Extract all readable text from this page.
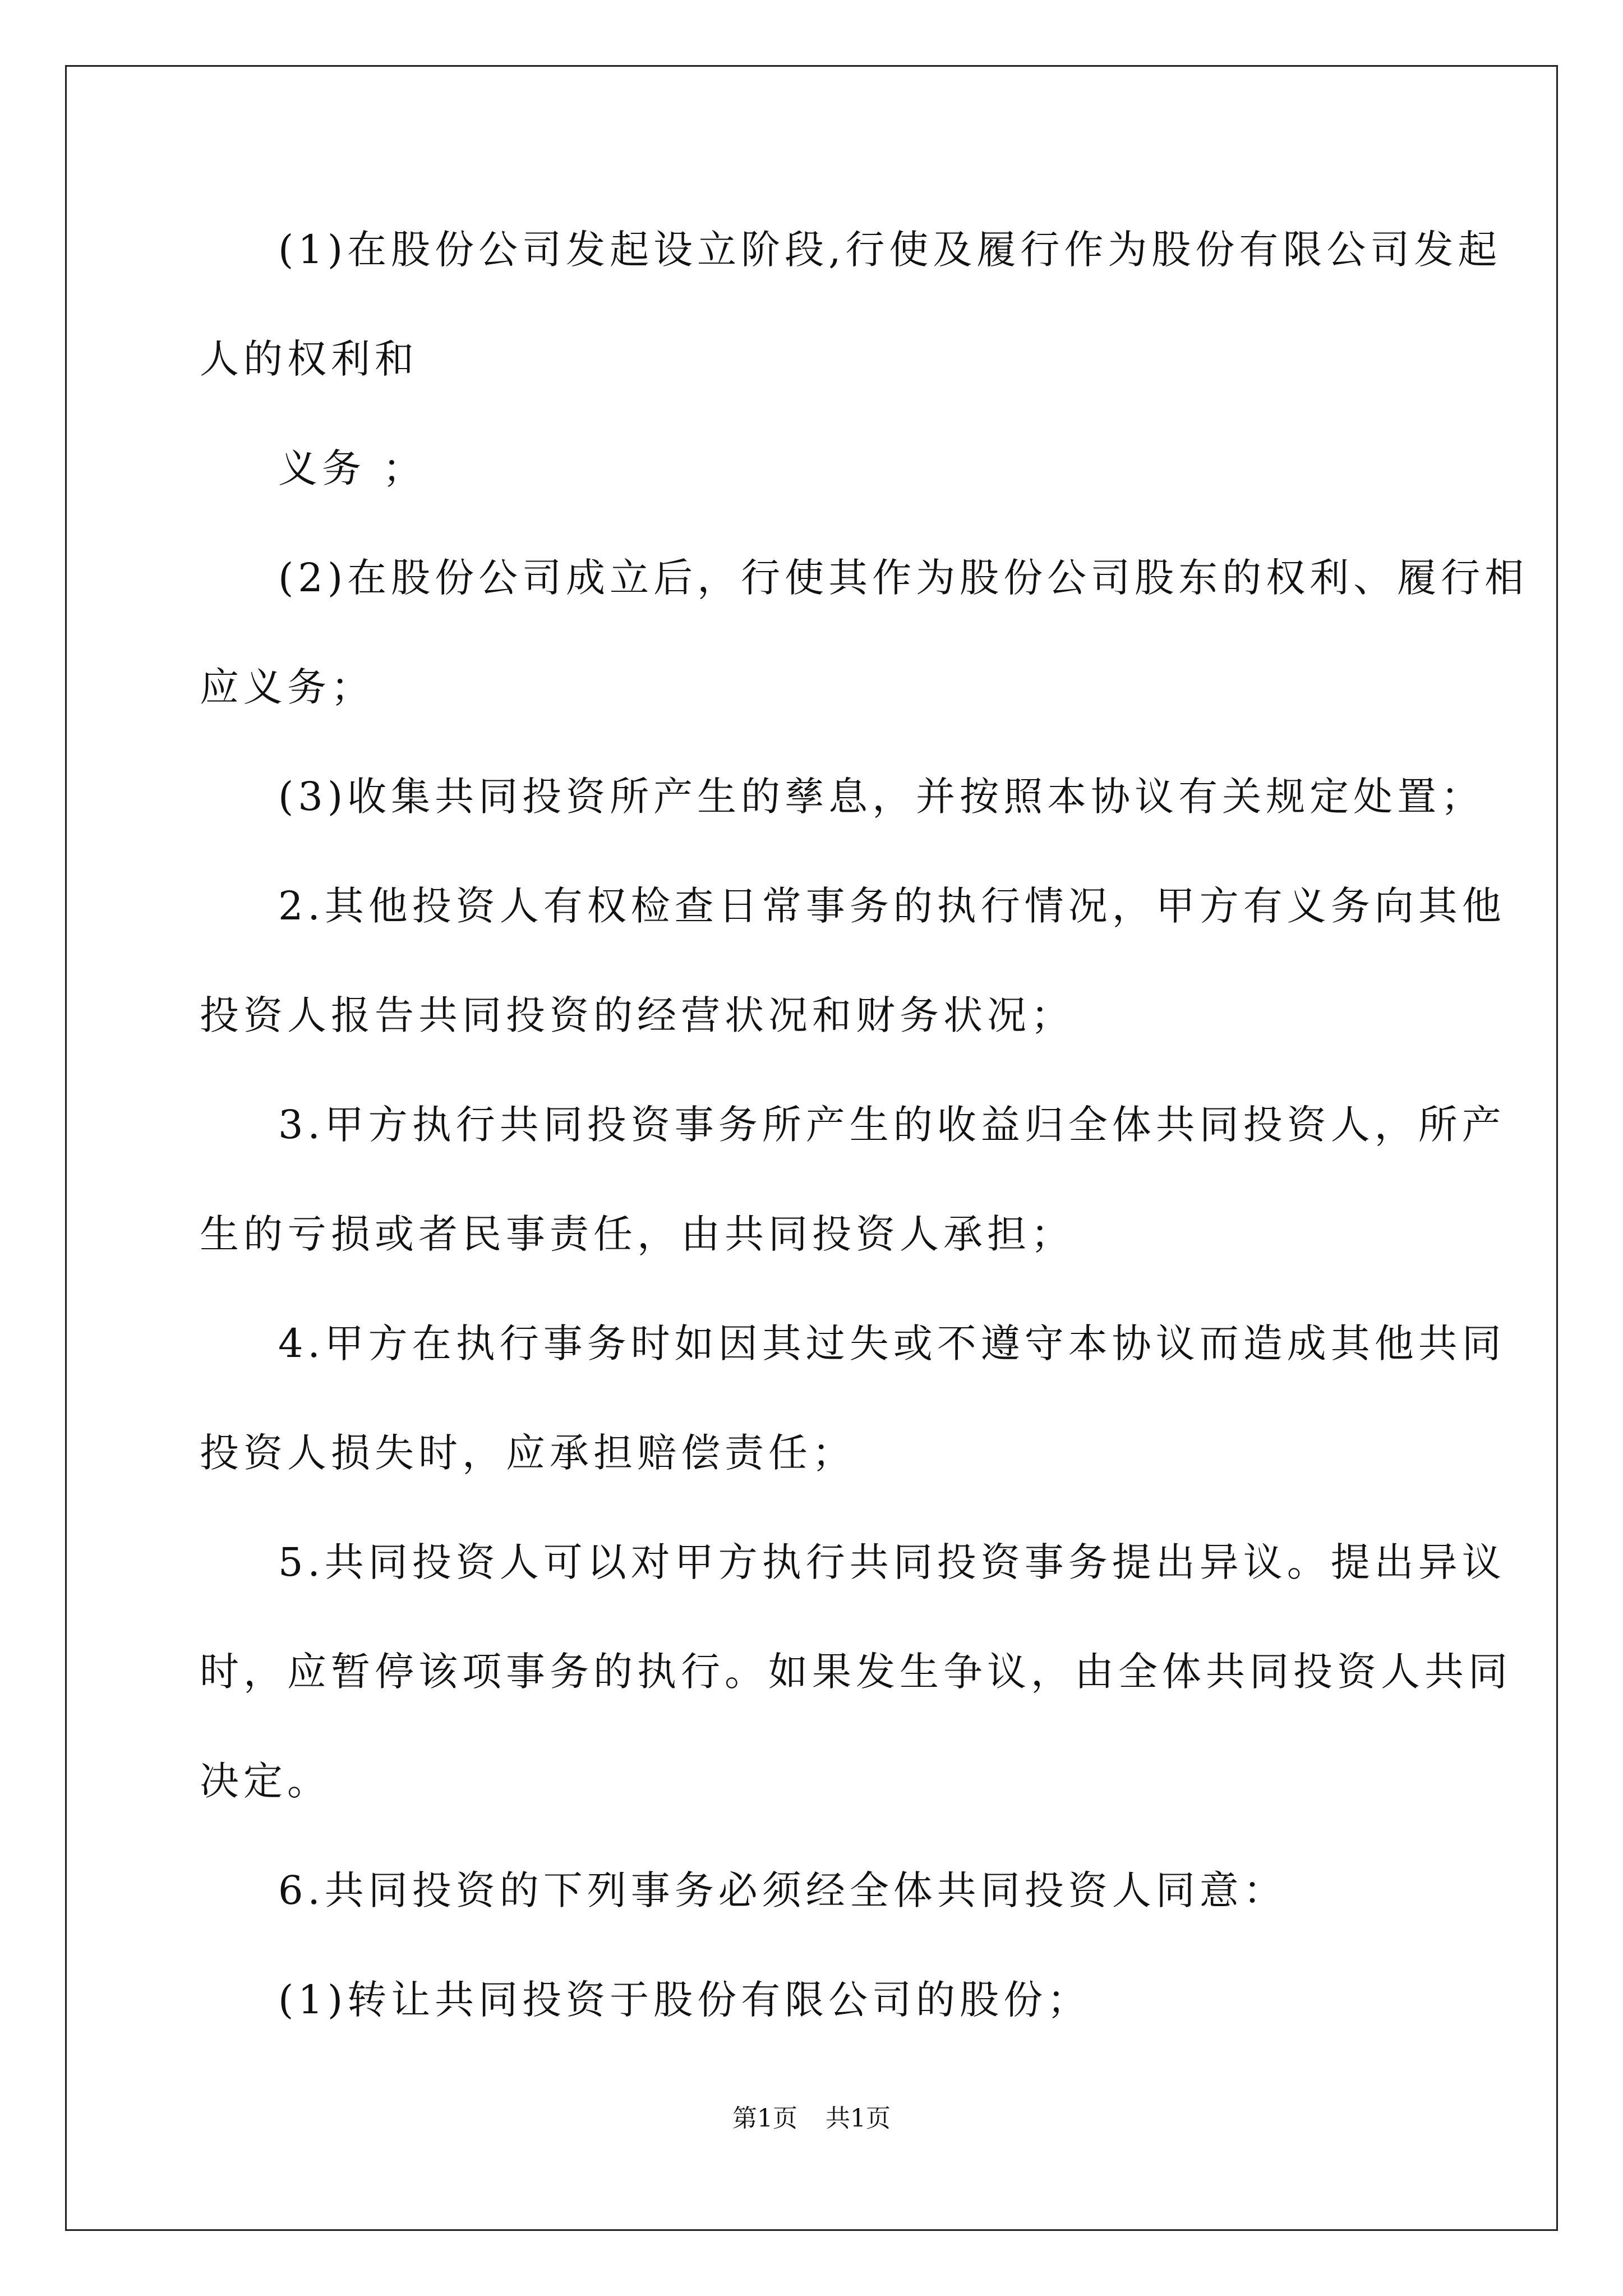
(1)在股份公司发起设立阶段,行使及履行作为股份有限公司发起
人的权利和
义务 ；
(2)在股份公司成立后，行使其作为股份公司股东的权利、履行相
应义务；
(3)收集共同投资所产生的孳息，并按照本协议有关规定处置；
2.其他投资人有权检查日常事务的执行情况，甲方有义务向其他
投资人报告共同投资的经营状况和财务状况；
3.甲方执行共同投资事务所产生的收益归全体共同投资人，所产
生的亏损或者民事责任，由共同投资人承担；
4.甲方在执行事务时如因其过失或不遵守本协议而造成其他共同
投资人损失时，应承担赔偿责任；
5.共同投资人可以对甲方执行共同投资事务提出异议。提出异议
时，应暂停该项事务的执行。如果发生争议，由全体共同投资人共同
决定。
6.共同投资的下列事务必须经全体共同投资人同意：
(1)转让共同投资于股份有限公司的股份；
第1页 共1页
